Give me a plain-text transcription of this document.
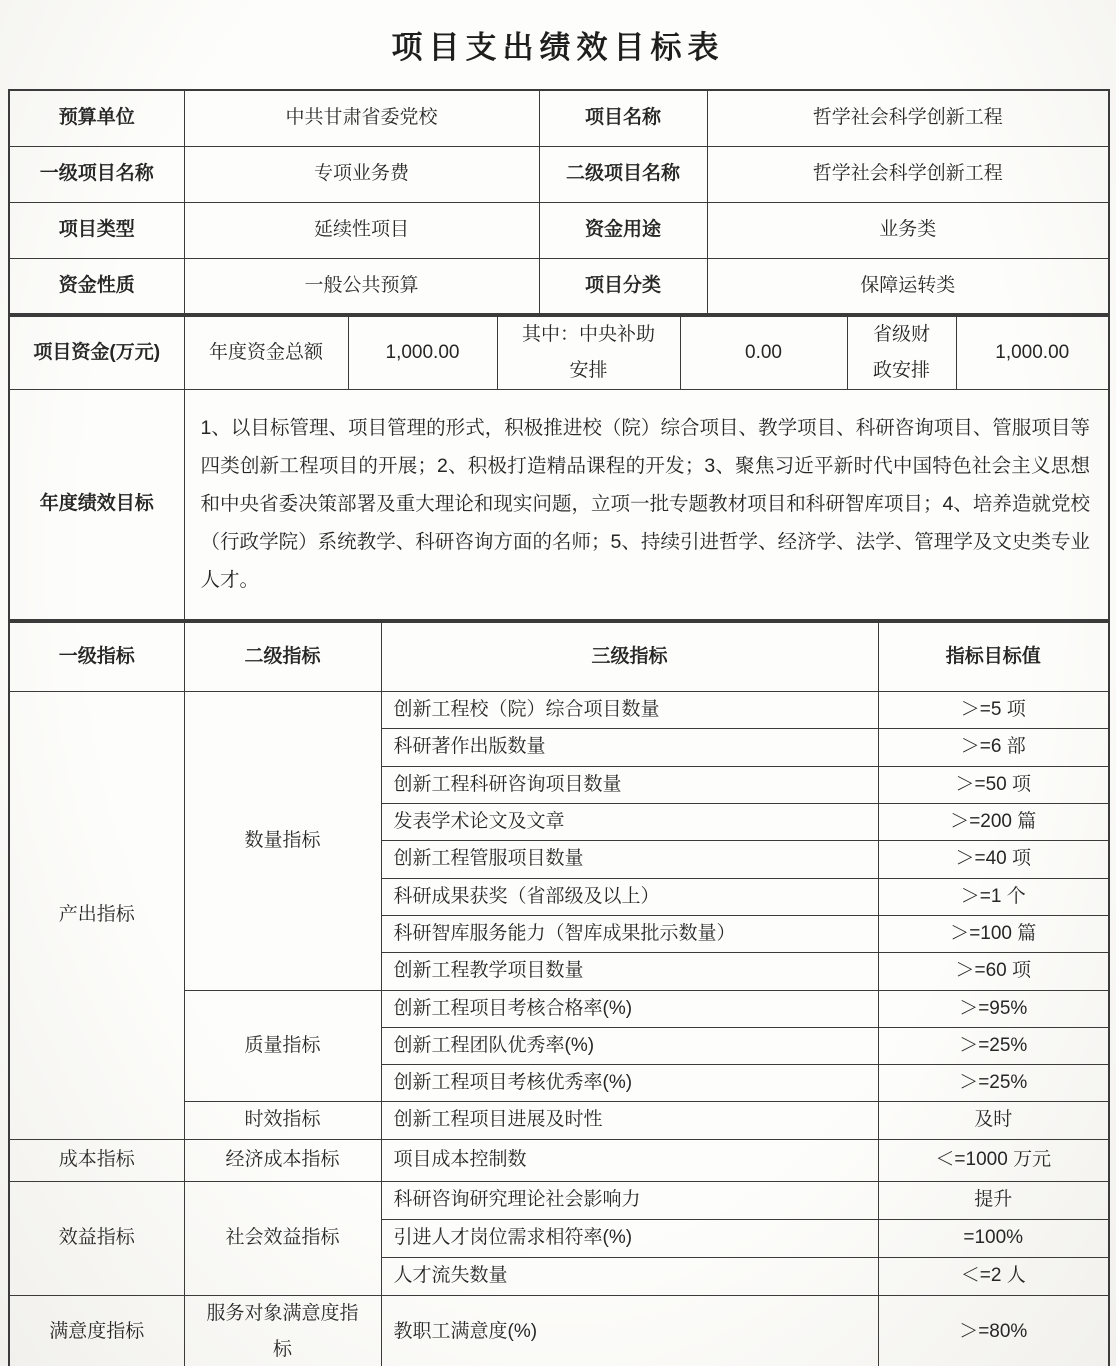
项目支出绩效目标表
预算单位	中共甘肃省委党校	项目名称	哲学社会科学创新工程
一级项目名称	专项业务费	二级项目名称	哲学社会科学创新工程
项目类型	延续性项目	资金用途	业务类
资金性质	一般公共预算	项目分类	保障运转类
项目资金(万元)	年度资金总额	1,000.00	其中：中央补助安排	0.00	省级财政安排	1,000.00
年度绩效目标	1、以目标管理、项目管理的形式，积极推进校（院）综合项目、教学项目、科研咨询项目、管服项目等四类创新工程项目的开展；2、积极打造精品课程的开发；3、聚焦习近平新时代中国特色社会主义思想和中央省委决策部署及重大理论和现实问题，立项一批专题教材项目和科研智库项目；4、培养造就党校（行政学院）系统教学、科研咨询方面的名师；5、持续引进哲学、经济学、法学、管理学及文史类专业人才。					
一级指标	二级指标	三级指标	指标目标值
产出指标	数量指标	创新工程校（院）综合项目数量	＞=5 项
		科研著作出版数量	＞=6 部
		创新工程科研咨询项目数量	＞=50 项
		发表学术论文及文章	＞=200 篇
		创新工程管服项目数量	＞=40 项
		科研成果获奖（省部级及以上）	＞=1 个
		科研智库服务能力（智库成果批示数量）	＞=100 篇
		创新工程教学项目数量	＞=60 项
	质量指标	创新工程项目考核合格率(%)	＞=95%
		创新工程团队优秀率(%)	＞=25%
		创新工程项目考核优秀率(%)	＞=25%
	时效指标	创新工程项目进展及时性	及时
成本指标	经济成本指标	项目成本控制数	＜=1000 万元
效益指标	社会效益指标	科研咨询研究理论社会影响力	提升
		引进人才岗位需求相符率(%)	=100%
		人才流失数量	＜=2 人
满意度指标	服务对象满意度指标	教职工满意度(%)	＞=80%
